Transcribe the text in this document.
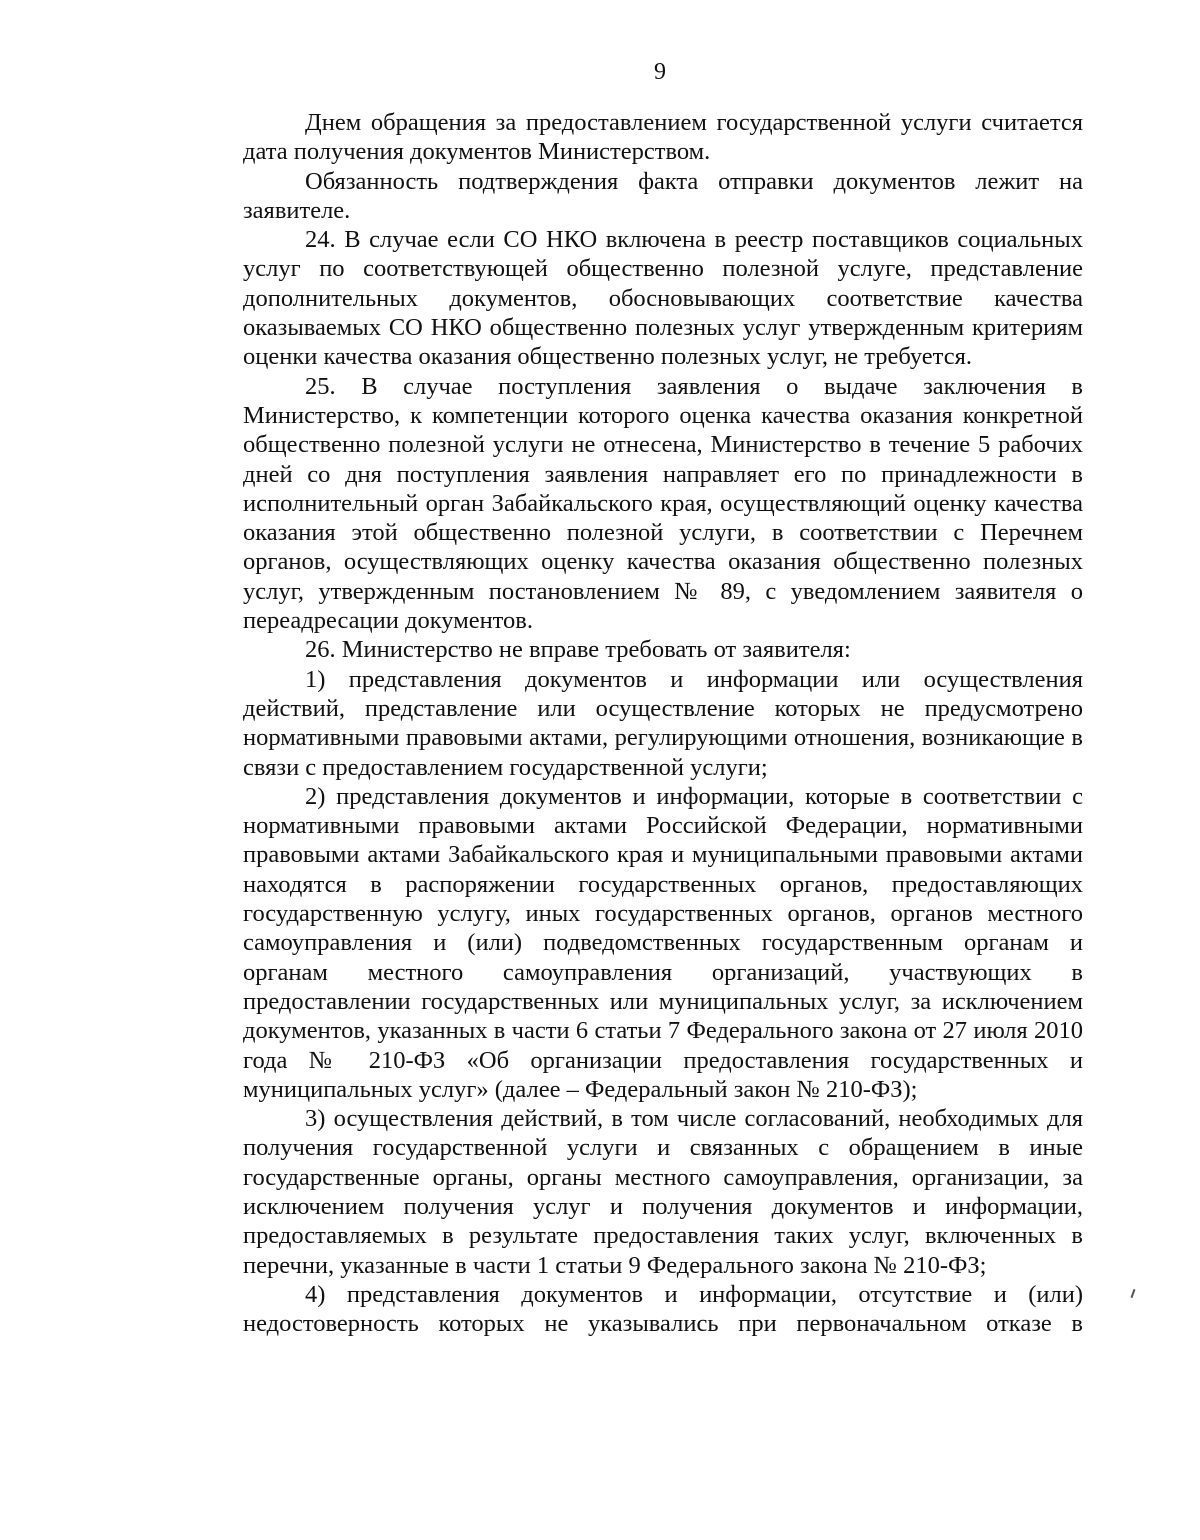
9

Днем обращения за предоставлением государственной услуги считается дата получения документов Министерством.

Обязанность подтверждения факта отправки документов лежит на заявителе.

24. В случае если СО НКО включена в реестр поставщиков социальных услуг по соответствующей общественно полезной услуге, представление дополнительных документов, обосновывающих соответствие качества оказываемых СО НКО общественно полезных услуг утвержденным критериям оценки качества оказания общественно полезных услуг, не требуется.

25. В случае поступления заявления о выдаче заключения в Министерство, к компетенции которого оценка качества оказания конкретной общественно полезной услуги не отнесена, Министерство в течение 5 рабочих дней со дня поступления заявления направляет его по принадлежности в исполнительный орган Забайкальского края, осуществляющий оценку качества оказания этой общественно полезной услуги, в соответствии с Перечнем органов, осуществляющих оценку качества оказания общественно полезных услуг, утвержденным постановлением № 89, с уведомлением заявителя о переадресации документов.

26. Министерство не вправе требовать от заявителя:

1) представления документов и информации или осуществления действий, представление или осуществление которых не предусмотрено нормативными правовыми актами, регулирующими отношения, возникающие в связи с предоставлением государственной услуги;

2) представления документов и информации, которые в соответствии с нормативными правовыми актами Российской Федерации, нормативными правовыми актами Забайкальского края и муниципальными правовыми актами находятся в распоряжении государственных органов, предоставляющих государственную услугу, иных государственных органов, органов местного самоуправления и (или) подведомственных государственным органам и органам местного самоуправления организаций, участвующих в предоставлении государственных или муниципальных услуг, за исключением документов, указанных в части 6 статьи 7 Федерального закона от 27 июля 2010 года № 210-ФЗ «Об организации предоставления государственных и муниципальных услуг» (далее – Федеральный закон № 210-ФЗ);

3) осуществления действий, в том числе согласований, необходимых для получения государственной услуги и связанных с обращением в иные государственные органы, органы местного самоуправления, организации, за исключением получения услуг и получения документов и информации, предоставляемых в результате предоставления таких услуг, включенных в перечни, указанные в части 1 статьи 9 Федерального закона № 210-ФЗ;

4) представления документов и информации, отсутствие и (или) недостоверность которых не указывались при первоначальном отказе в
